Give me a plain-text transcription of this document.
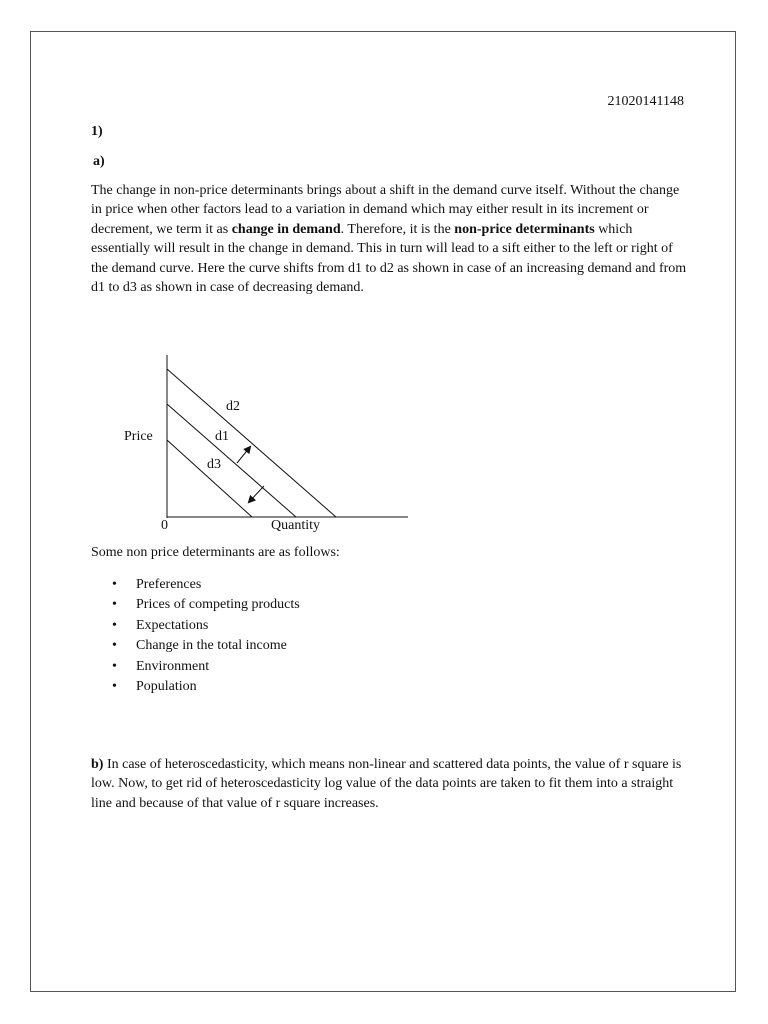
21020141148
1)
a)
The change in non-price determinants brings about a shift in the demand curve itself. Without the change in price when other factors lead to a variation in demand which may either result in its increment or decrement, we term it as change in demand. Therefore, it is the non-price determinants which essentially will result in the change in demand. This in turn will lead to a sift either to the left or right of the demand curve. Here the curve shifts from d1 to d2 as shown in case of an increasing demand and from d1 to d3 as shown in case of decreasing demand.
d2
d1
d3
Price
Quantity
0
Some non price determinants are as follows:
• Preferences
• Prices of competing products
• Expectations
• Change in the total income
• Environment
• Population
b) In case of heteroscedasticity, which means non-linear and scattered data points, the value of r square is low. Now, to get rid of heteroscedasticity log value of the data points are taken to fit them into a straight line and because of that value of r square increases.
